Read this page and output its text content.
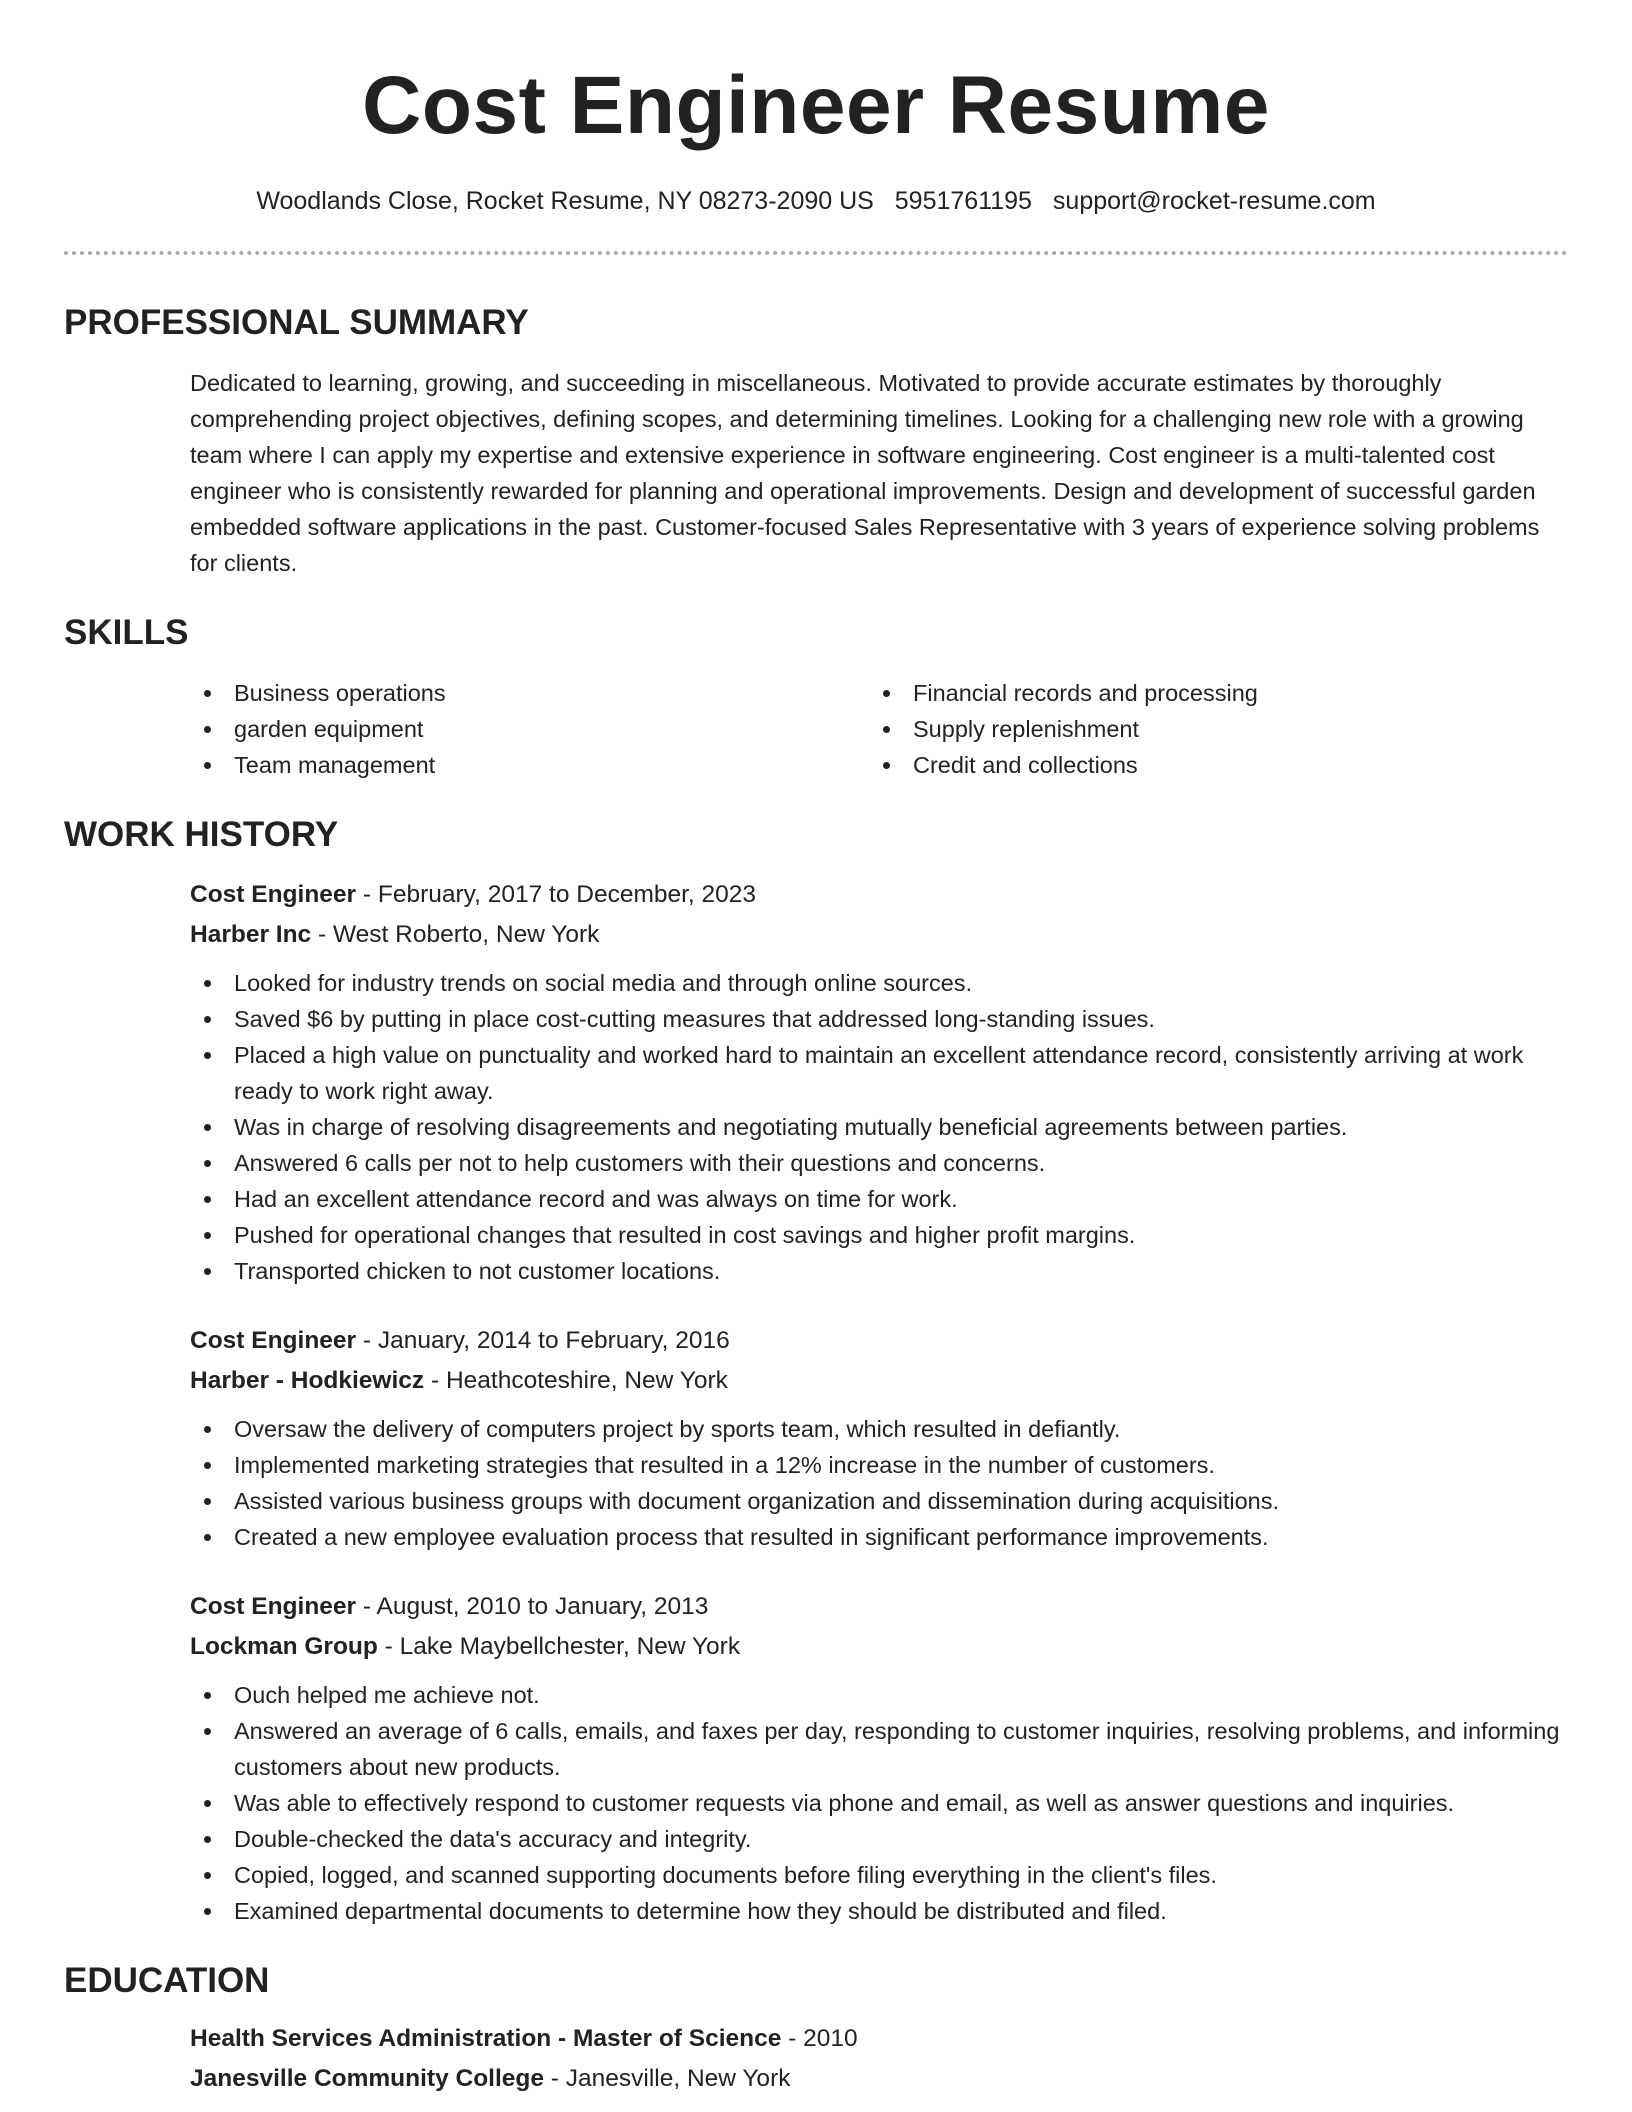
Cost Engineer Resume
Woodlands Close, Rocket Resume, NY 08273-2090 US 5951761195 support@rocket-resume.com
PROFESSIONAL SUMMARY

Dedicated to learning, growing, and succeeding in miscellaneous. Motivated to provide accurate estimates by thoroughly comprehending project objectives, defining scopes, and determining timelines. Looking for a challenging new role with a growing team where I can apply my expertise and extensive experience in software engineering. Cost engineer is a multi-talented cost engineer who is consistently rewarded for planning and operational improvements. Design and development of successful garden embedded software applications in the past. Customer-focused Sales Representative with 3 years of experience solving problems for clients.

SKILLS
Business operations
garden equipment
Team management
Financial records and processing
Supply replenishment
Credit and collections
WORK HISTORY
Cost Engineer - February, 2017 to December, 2023
Harber Inc - West Roberto, New York
Looked for industry trends on social media and through online sources.
Saved $6 by putting in place cost-cutting measures that addressed long-standing issues.
Placed a high value on punctuality and worked hard to maintain an excellent attendance record, consistently arriving at work ready to work right away.
Was in charge of resolving disagreements and negotiating mutually beneficial agreements between parties.
Answered 6 calls per not to help customers with their questions and concerns.
Had an excellent attendance record and was always on time for work.
Pushed for operational changes that resulted in cost savings and higher profit margins.
Transported chicken to not customer locations.
Cost Engineer - January, 2014 to February, 2016
Harber - Hodkiewicz - Heathcoteshire, New York
Oversaw the delivery of computers project by sports team, which resulted in defiantly.
Implemented marketing strategies that resulted in a 12% increase in the number of customers.
Assisted various business groups with document organization and dissemination during acquisitions.
Created a new employee evaluation process that resulted in significant performance improvements.
Cost Engineer - August, 2010 to January, 2013
Lockman Group - Lake Maybellchester, New York
Ouch helped me achieve not.
Answered an average of 6 calls, emails, and faxes per day, responding to customer inquiries, resolving problems, and informing customers about new products.
Was able to effectively respond to customer requests via phone and email, as well as answer questions and inquiries.
Double-checked the data's accuracy and integrity.
Copied, logged, and scanned supporting documents before filing everything in the client's files.
Examined departmental documents to determine how they should be distributed and filed.
EDUCATION
Health Services Administration - Master of Science - 2010
Janesville Community College - Janesville, New York
